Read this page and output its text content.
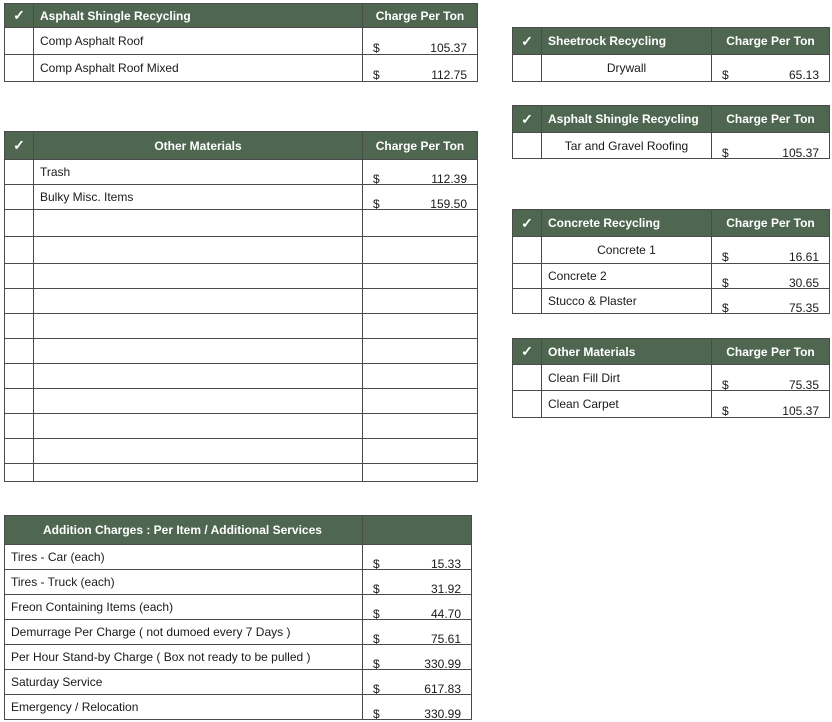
✓	Asphalt Shingle Recycling	Charge Per Ton
	Comp Asphalt Roof	$ 105.37

	Comp Asphalt Roof Mixed	$ 112.75
✓	Other Materials	Charge Per Ton
	Trash	$ 112.39

	Bulky Misc. Items	$ 159.50

Addition Charges : Per Item / Additional Services	
Tires - Car (each)	$ 15.33

Tires - Truck (each)	$ 31.92

Freon Containing Items (each)	$ 44.70

Demurrage Per Charge ( not dumoed every 7 Days )	$ 75.61

Per Hour Stand-by Charge ( Box not ready to be pulled )	$ 330.99

Saturday Service	$ 617.83

Emergency / Relocation	$ 330.99
✓	Sheetrock Recycling	Charge Per Ton
	Drywall	$ 65.13
✓	Asphalt Shingle Recycling	Charge Per Ton
	Tar and Gravel Roofing	$ 105.37
✓	Concrete Recycling	Charge Per Ton
	Concrete 1	$ 16.61

	Concrete 2	$ 30.65

	Stucco & Plaster	$ 75.35
✓	Other Materials	Charge Per Ton
	Clean Fill Dirt	$ 75.35

	Clean Carpet	$ 105.37
